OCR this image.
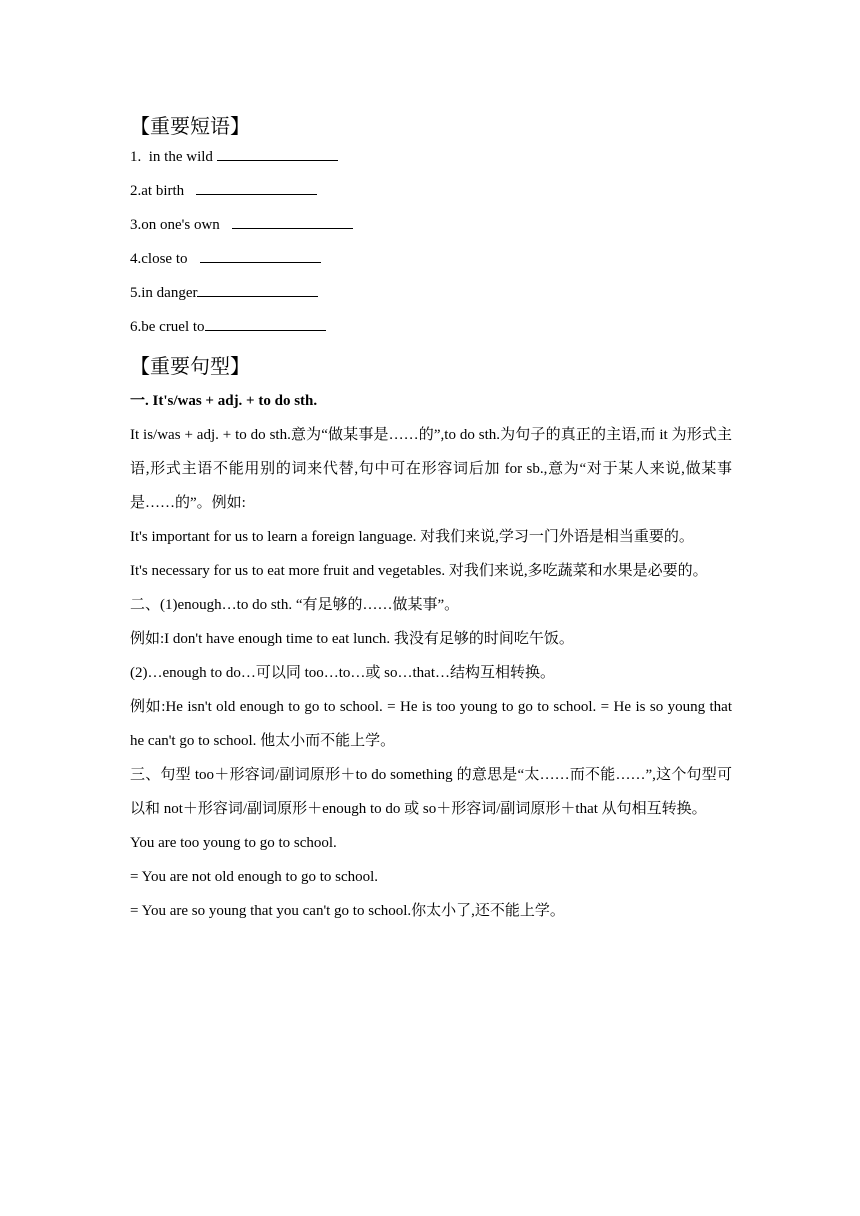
【重要短语】

1. in the wild

2.at birth

3.on one's own

4.close to

5.in danger

6.be cruel to

【重要句型】

一. It's/was + adj. + to do sth.

It is/was + adj. + to do sth.意为“做某事是……的”,to do sth.为句子的真正的主语,而 it 为形式主语,形式主语不能用别的词来代替,句中可在形容词后加 for sb.,意为“对于某人来说,做某事是……的”。例如:

It's important for us to learn a foreign language. 对我们来说,学习一门外语是相当重要的。

It's necessary for us to eat more fruit and vegetables. 对我们来说,多吃蔬菜和水果是必要的。

二、(1)enough…to do sth. “有足够的……做某事”。

例如:I don't have enough time to eat lunch. 我没有足够的时间吃午饭。

(2)…enough to do…可以同 too…to…或 so…that…结构互相转换。

例如:He isn't old enough to go to school. = He is too young to go to school. = He is so young that he can't go to school. 他太小而不能上学。

三、句型 too＋形容词/副词原形＋to do something 的意思是“太……而不能……”,这个句型可以和 not＋形容词/副词原形＋enough to do 或 so＋形容词/副词原形＋that 从句相互转换。

You are too young to go to school.

= You are not old enough to go to school.

= You are so young that you can't go to school.你太小了,还不能上学。
